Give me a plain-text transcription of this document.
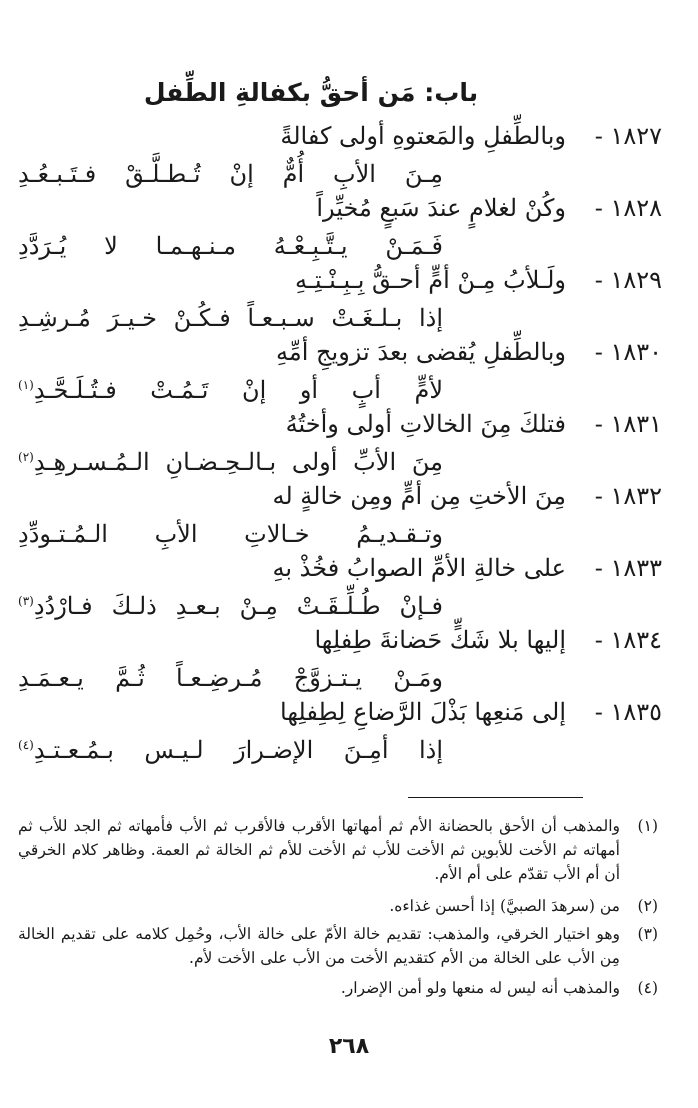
باب: مَن أحقُّ بكفالةِ الطِّفل
١٨٢٧ -
وبالطِّفلِ والمَعتوهِ أولى كفالةً
مِـنَ الأبِ أُمٌّ إنْ تُـطـلَّـقْ فـتَـبـعُـدِ
١٨٢٨ -
وكُنْ لغلامٍ عندَ سَبعٍ مُخيِّراً
فَـمَـنْ يـتَّـبِـعْـهُ مـنـهـمـا لا يُـرَدَّدِ
١٨٢٩ -
ولَـلأبُ مِـنْ أمٍّ أحـقُّ بِـبِـنْـتِـهِ
إذا بـلـغَـتْ سـبـعـاً فـكُـنْ خـيـرَ مُـرشِـدِ
١٨٣٠ -
وبالطِّفلِ يُقضى بعدَ تزويجِ أمِّهِ
لأمٍّ أبٍ أو إنْ تَـمُـتْ فـتُـلَـحَّـدِ$^{(١)}$
١٨٣١ -
فتلكَ مِنَ الخالاتِ أولى وأختُهُ
مِنَ الأبِّ أولى بـالـحِـضـانِ الـمُـسـرهِـدِ$^{(٢)}$
١٨٣٢ -
مِنَ الأختِ مِن أمٍّ ومِن خالةٍ له
وتـقـديـمُ خـالاتِ الأبِ الـمُـتـودِّدِ
١٨٣٣ -
على خالةِ الأمِّ الصوابُ فخُذْ بهِ
فـإنْ طُـلِّـقَـتْ مِـنْ بـعـدِ ذلـكَ فـارْدُدِ$^{(٣)}$
١٨٣٤ -
إليها بلا شَكٍّ حَضانةَ طِفلِها
ومَـنْ يـتـزوَّجْ مُـرضِـعـاً ثُـمَّ يـعـمَـدِ
١٨٣٥ -
إلى مَنعِها بَذْلَ الرَّضاعِ لِطِفلِها
إذا أمِـنَ الإضـرارَ لـيـس بـمُـعـتـدِ$^{(٤)}$
(١)
والمذهب أن الأحق بالحضانة الأم ثم أمهاتها الأقرب فالأقرب ثم الأب فأمهاته ثم الجد للأب ثم أمهاته ثم الأخت للأبوين ثم الأخت للأب ثم الأخت للأم ثم الخالة ثم العمة. وظاهر كلام الخرقي أن أم الأب تقدّم على أم الأم.
(٢)
من (سرهدَ الصبيَّ) إذا أحسن غذاءه.
(٣)
وهو اختيار الخرقي، والمذهب: تقديم خالة الأمّ على خالة الأب، وحُمِل كلامه على تقديم الخالة مِن الأب على الخالة من الأم كتقديم الأخت من الأب على الأخت لأم.
(٤)
والمذهب أنه ليس له منعها ولو أمن الإضرار.
٢٦٨
